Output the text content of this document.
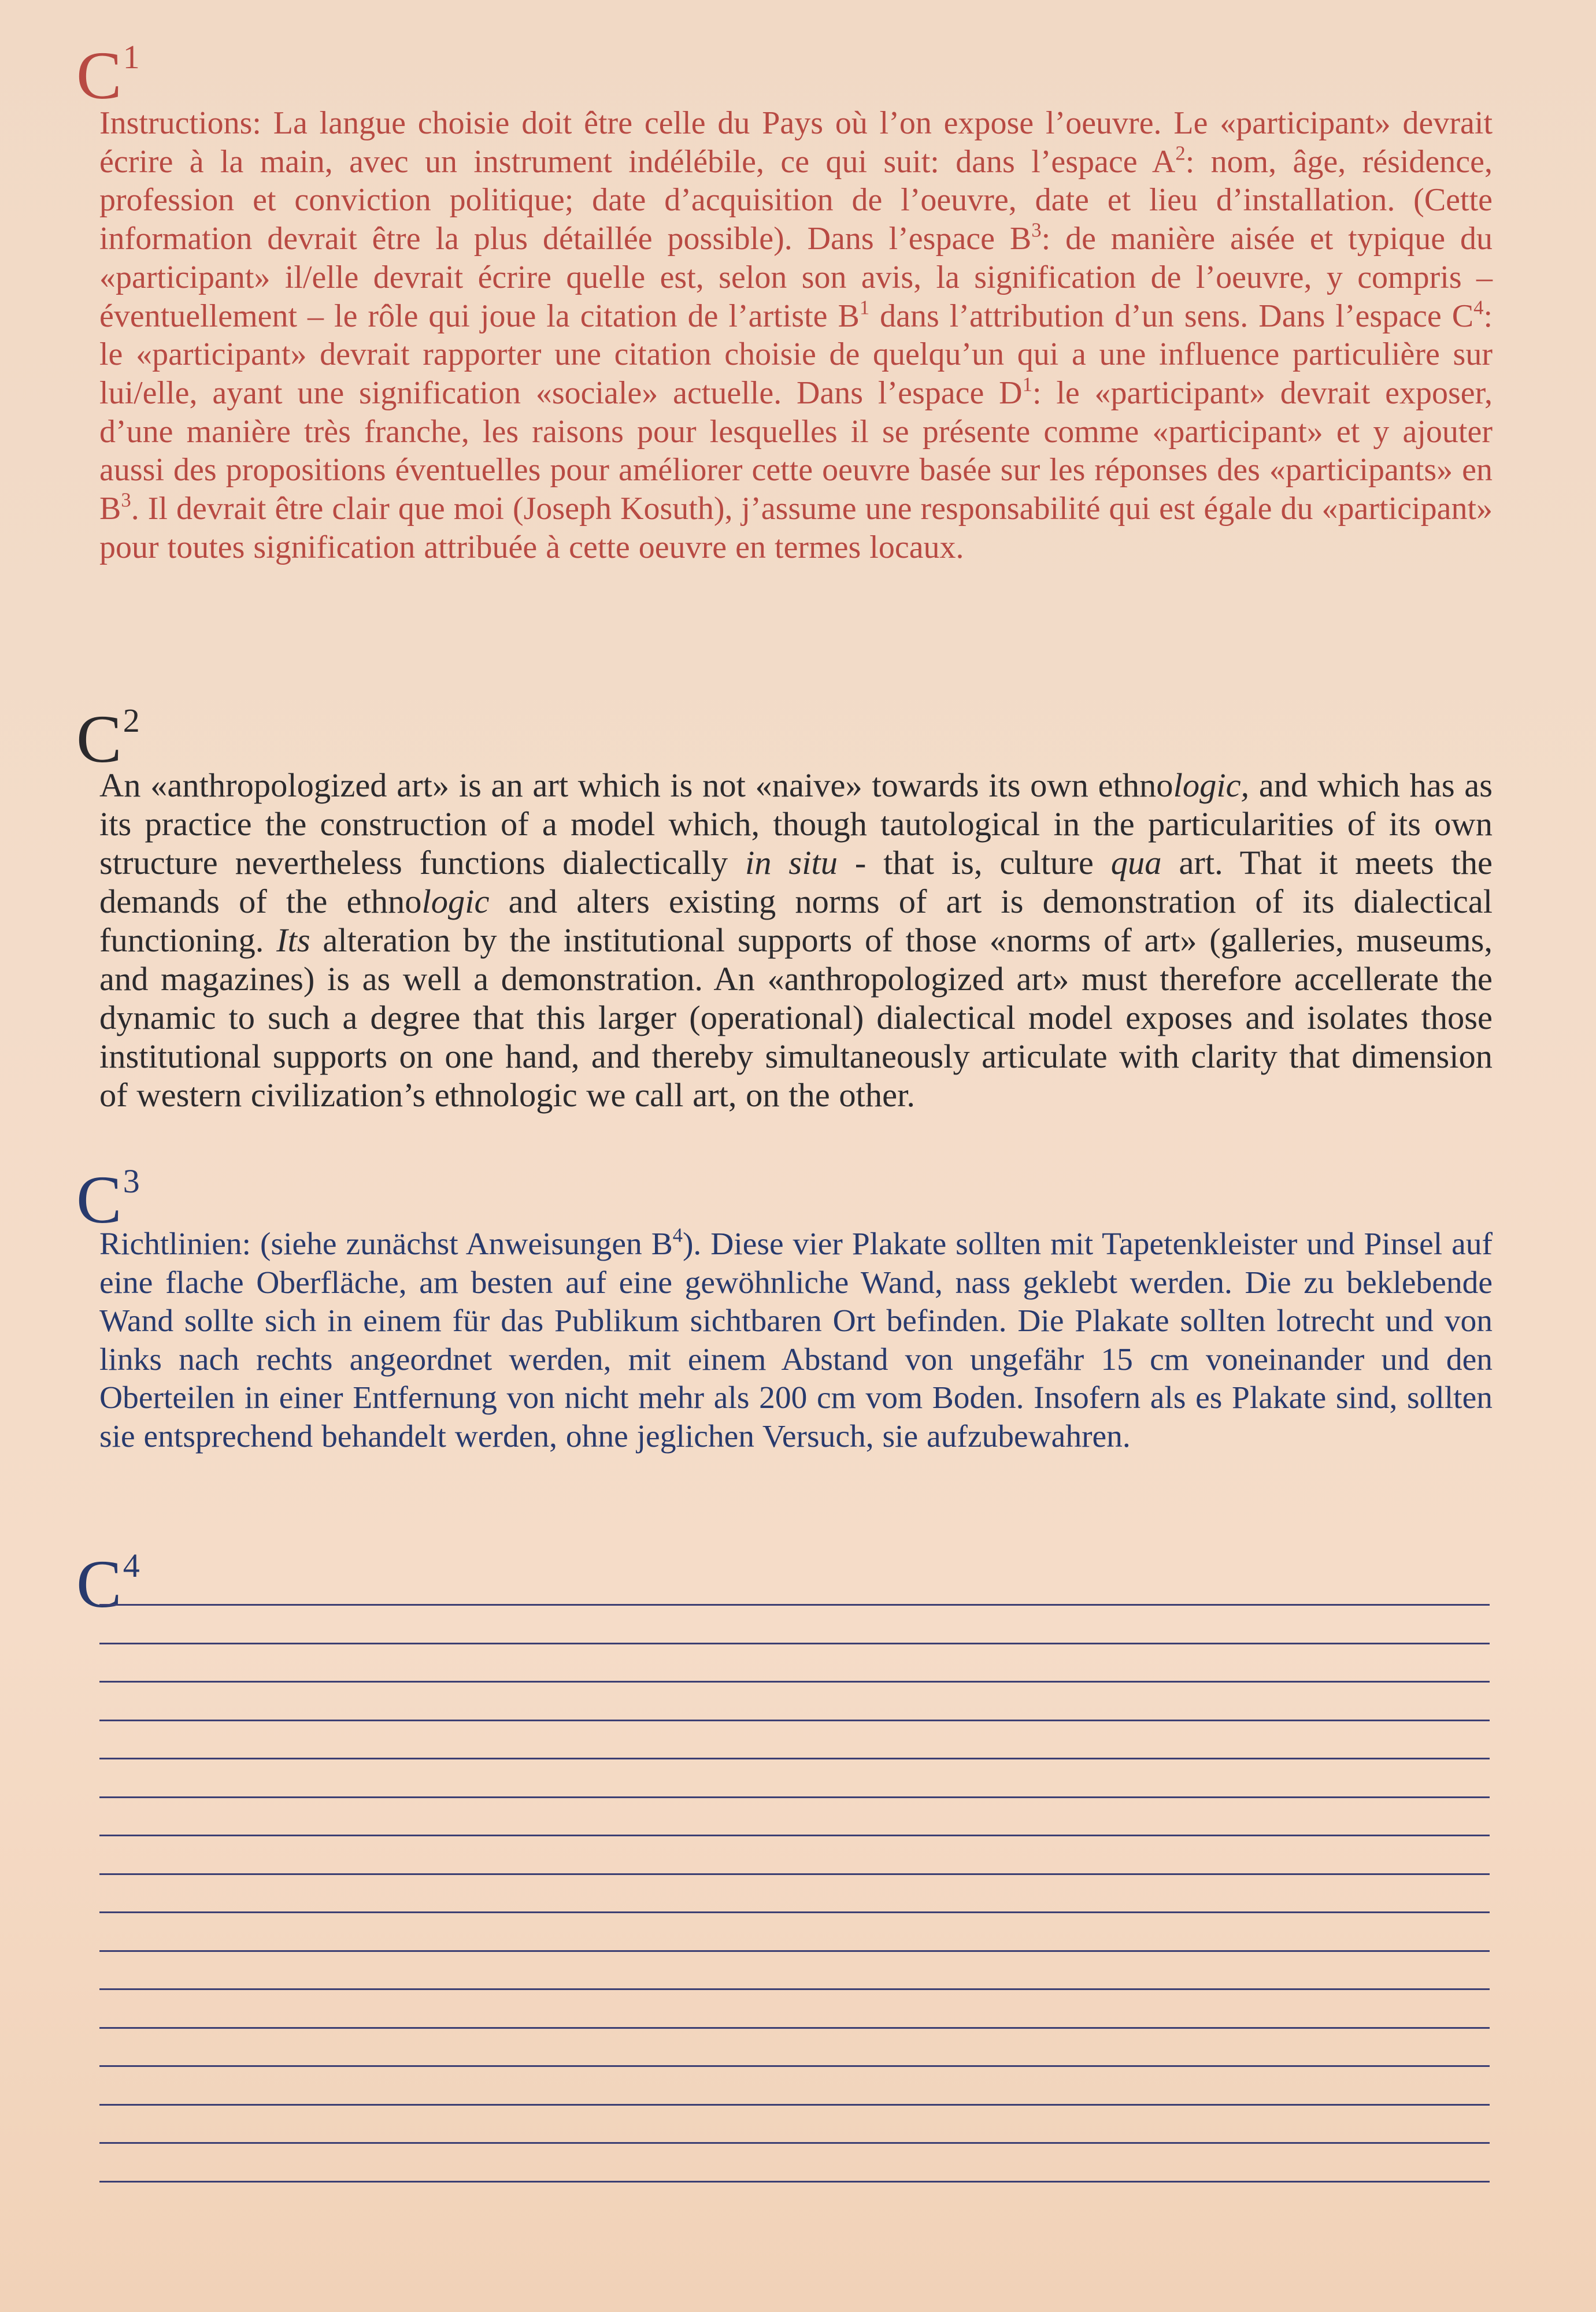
$C^1$
Instructions: La langue choisie doit être celle du Pays où l’on expose l’oeuvre. Le «participant» devrait écrire à la main, avec un instrument indélébile, ce qui suit: dans l’espace $A^2$: nom, âge, résidence, profession et conviction politique; date d’acquisition de l’oeuvre, date et lieu d’installation. (Cette information devrait être la plus détaillée possible). Dans l’espace $B^3$: de manière aisée et typique du «participant» il/elle devrait écrire quelle est, selon son avis, la signification de l’oeuvre, y compris – éventuellement – le rôle qui joue la citation de l’artiste $B^1$ dans l’attribution d’un sens. Dans l’espace $C^4$: le «participant» devrait rapporter une citation choisie de quelqu’un qui a une influence particulière sur lui/elle, ayant une signification «sociale» actuelle. Dans l’espace $D^1$: le «participant» devrait exposer, d’une manière très franche, les raisons pour lesquelles il se présente comme «participant» et y ajouter aussi des propositions éventuelles pour améliorer cette oeuvre basée sur les réponses des «participants» en $B^3$. Il devrait être clair que moi (Joseph Kosuth), j’assume une responsabilité qui est égale du «participant» pour toutes signification attribuée à cette oeuvre en termes locaux.
$C^2$
An «anthropologized art» is an art which is not «naive» towards its own ethnologic, and which has as its practice the construction of a model which, though tautological in the particularities of its own structure nevertheless functions dialectically in situ - that is, culture qua art. That it meets the demands of the ethnologic and alters existing norms of art is demonstration of its dialectical functioning. Its alteration by the institutional supports of those «norms of art» (galleries, museums, and magazines) is as well a demonstration. An «anthropologized art» must therefore accellerate the dynamic to such a degree that this larger (operational) dialectical model exposes and isolates those institutional supports on one hand, and thereby simultaneously articulate with clarity that dimension of western civilization’s ethnologic we call art, on the other.
$C^3$
Richtlinien: (siehe zunächst Anweisungen $B^4$). Diese vier Plakate sollten mit Tapetenkleister und Pinsel auf eine flache Oberfläche, am besten auf eine gewöhnliche Wand, nass geklebt werden. Die zu beklebende Wand sollte sich in einem für das Publikum sichtbaren Ort befinden. Die Plakate sollten lotrecht und von links nach rechts angeordnet werden, mit einem Abstand von ungefähr 15 cm voneinander und den Oberteilen in einer Entfernung von nicht mehr als 200 cm vom Boden. Insofern als es Plakate sind, sollten sie entsprechend behandelt werden, ohne jeglichen Versuch, sie aufzubewahren.
$C^4$
